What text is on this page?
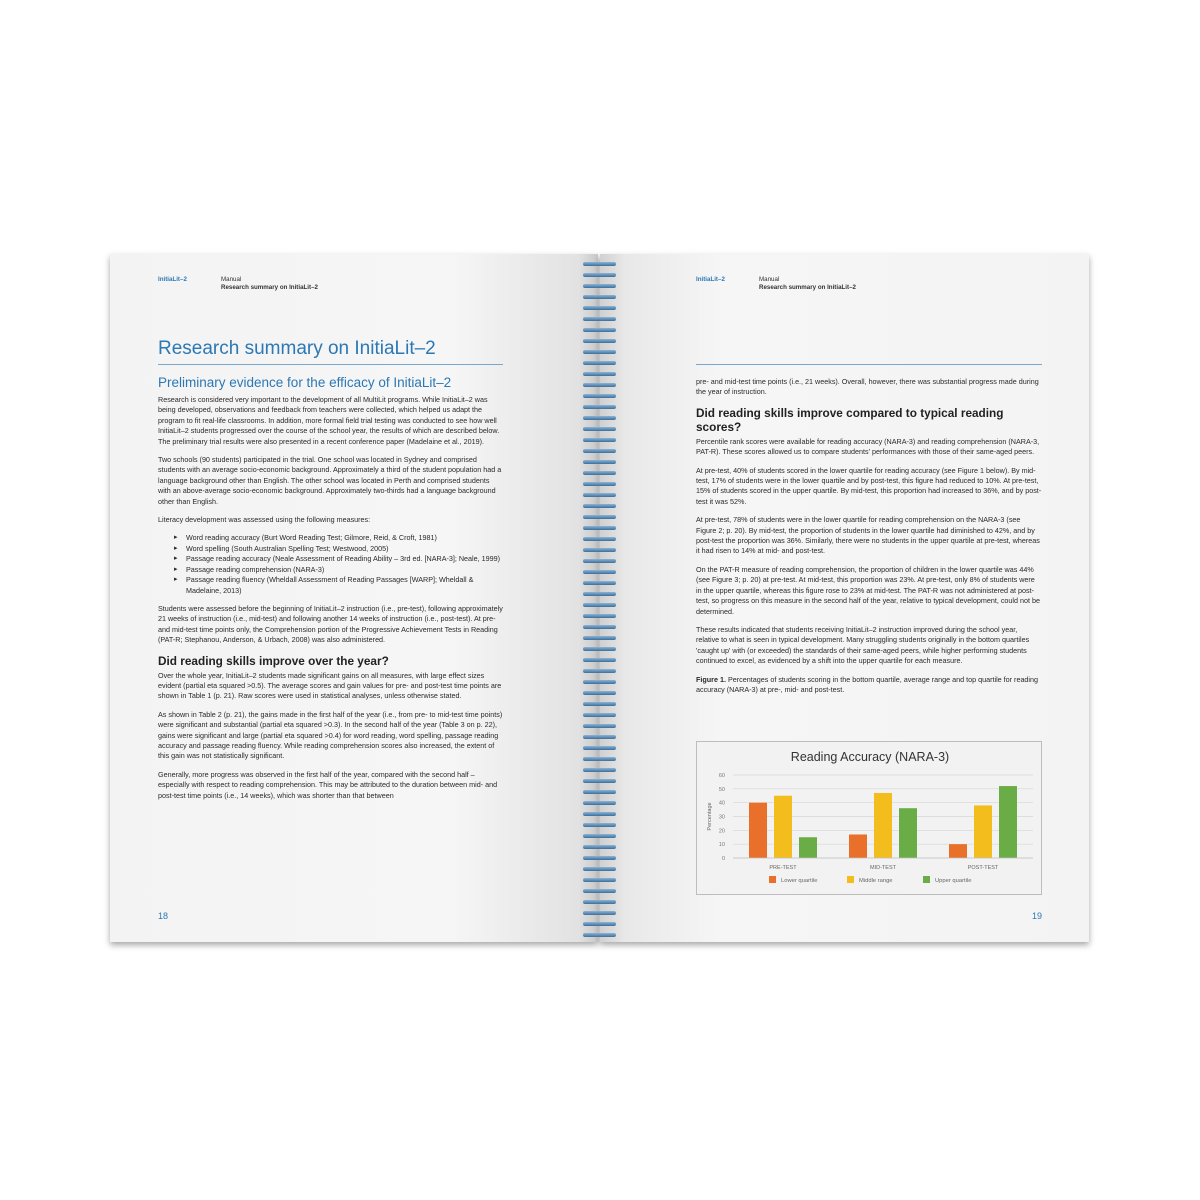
InitiaLit–2	Manual
Research summary on InitiaLit–2
Research summary on InitiaLit–2
Preliminary evidence for the efficacy of InitiaLit–2

Research is considered very important to the development of all MultiLit programs. While InitiaLit–2 was being developed, observations and feedback from teachers were collected, which helped us adapt the program to fit real-life classrooms. In addition, more formal field trial testing was conducted to see how well InitiaLit–2 students progressed over the course of the school year, the results of which are described below. The preliminary trial results were also presented in a recent conference paper (Madelaine et al., 2019).

Two schools (90 students) participated in the trial. One school was located in Sydney and comprised students with an average socio-economic background. Approximately a third of the student population had a language background other than English. The other school was located in Perth and comprised students with an above-average socio-economic background. Approximately two-thirds had a language background other than English.

Literacy development was assessed using the following measures:

▸ Word reading accuracy (Burt Word Reading Test; Gilmore, Reid, & Croft, 1981)
▸ Word spelling (South Australian Spelling Test; Westwood, 2005)
▸ Passage reading accuracy (Neale Assessment of Reading Ability – 3rd ed. [NARA-3]; Neale, 1999)
▸ Passage reading comprehension (NARA-3)
▸ Passage reading fluency (Wheldall Assessment of Reading Passages [WARP]; Wheldall & Madelaine, 2013)

Students were assessed before the beginning of InitiaLit–2 instruction (i.e., pre-test), following approximately 21 weeks of instruction (i.e., mid-test) and following another 14 weeks of instruction (i.e., post-test). At pre- and mid-test time points only, the Comprehension portion of the Progressive Achievement Tests in Reading (PAT-R; Stephanou, Anderson, & Urbach, 2008) was also administered.

Did reading skills improve over the year?

Over the whole year, InitiaLit–2 students made significant gains on all measures, with large effect sizes evident (partial eta squared >0.5). The average scores and gain values for pre- and post-test time points are shown in Table 1 (p. 21). Raw scores were used in statistical analyses, unless otherwise stated.

As shown in Table 2 (p. 21), the gains made in the first half of the year (i.e., from pre- to mid-test time points) were significant and substantial (partial eta squared >0.3). In the second half of the year (Table 3 on p. 22), gains were significant and large (partial eta squared >0.4) for word reading, word spelling, passage reading accuracy and passage reading fluency. While reading comprehension scores also increased, the extent of this gain was not statistically significant.

Generally, more progress was observed in the first half of the year, compared with the second half – especially with respect to reading comprehension. This may be attributed to the duration between mid- and post-test time points (i.e., 14 weeks), which was shorter than that between

18
InitiaLit–2	Manual
Research summary on InitiaLit–2

pre- and mid-test time points (i.e., 21 weeks). Overall, however, there was substantial progress made during the year of instruction.

Did reading skills improve compared to typical reading scores?

Percentile rank scores were available for reading accuracy (NARA-3) and reading comprehension (NARA-3, PAT-R). These scores allowed us to compare students' performances with those of their same-aged peers.

At pre-test, 40% of students scored in the lower quartile for reading accuracy (see Figure 1 below). By mid-test, 17% of students were in the lower quartile and by post-test, this figure had reduced to 10%. At pre-test, 15% of students scored in the upper quartile. By mid-test, this proportion had increased to 36%, and by post-test it was 52%.

At pre-test, 78% of students were in the lower quartile for reading comprehension on the NARA-3 (see Figure 2; p. 20). By mid-test, the proportion of students in the lower quartile had diminished to 42%, and by post-test the proportion was 36%. Similarly, there were no students in the upper quartile at pre-test, whereas it had risen to 14% at mid- and post-test.

On the PAT-R measure of reading comprehension, the proportion of children in the lower quartile was 44% (see Figure 3; p. 20) at pre-test. At mid-test, this proportion was 23%. At pre-test, only 8% of students were in the upper quartile, whereas this figure rose to 23% at mid-test. The PAT-R was not administered at post-test, so progress on this measure in the second half of the year, relative to typical development, could not be determined.

These results indicated that students receiving InitiaLit–2 instruction improved during the school year, relative to what is seen in typical development. Many struggling students originally in the bottom quartiles 'caught up' with (or exceeded) the standards of their same-aged peers, while higher performing students continued to excel, as evidenced by a shift into the upper quartile for each measure.

Figure 1. Percentages of students scoring in the bottom quartile, average range and top quartile for reading accuracy (NARA-3) at pre-, mid- and post-test.
Reading Accuracy (NARA-3)
0
10
20
30
40
50
60
Percentage
PRE-TEST	MID-TEST	POST-TEST
Lower quartile	Middle range	Upper quartile
19
